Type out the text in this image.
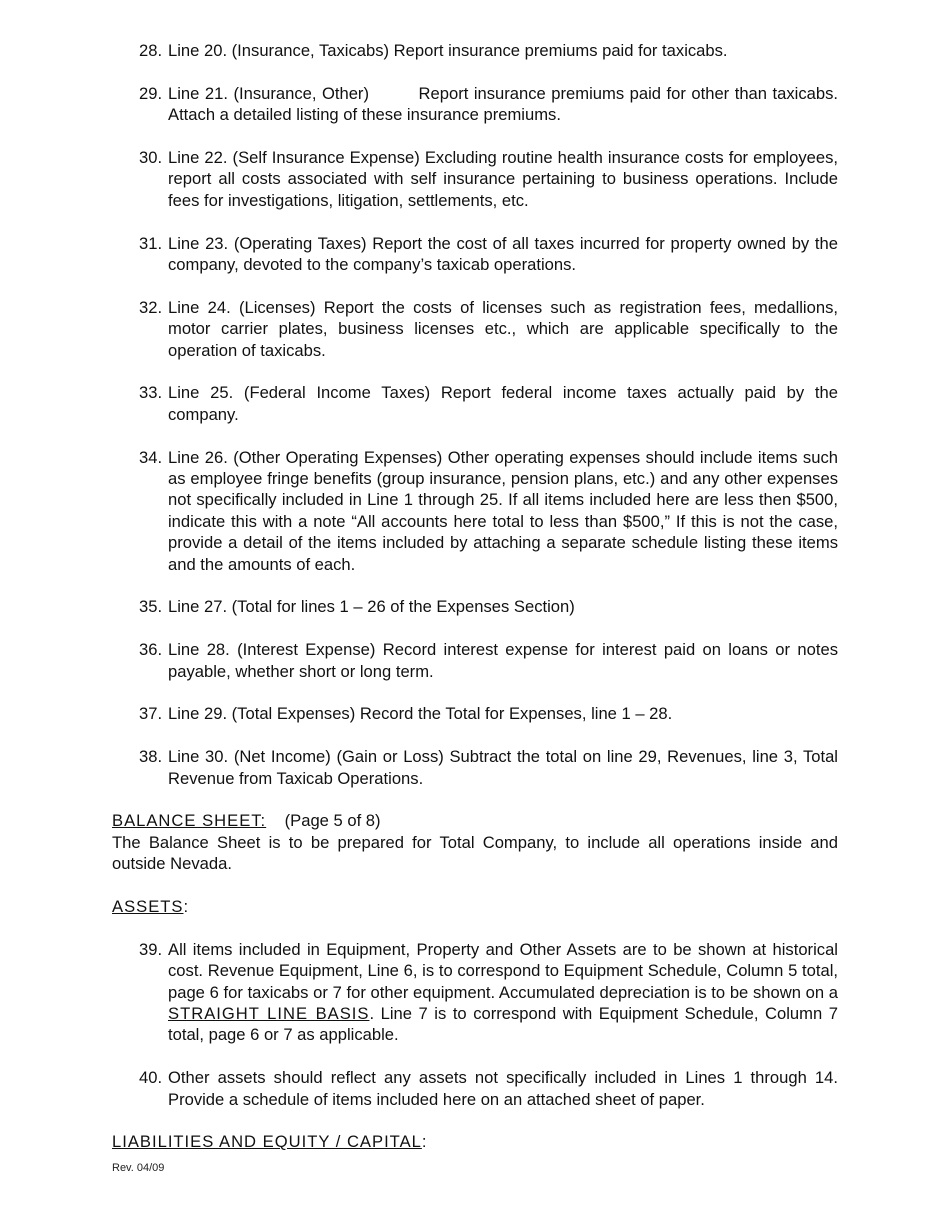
28. Line 20. (Insurance, Taxicabs) Report insurance premiums paid for taxicabs.
29. Line 21. (Insurance, Other)         Report insurance premiums paid for other than taxicabs. Attach a detailed listing of these insurance premiums.
30. Line 22. (Self Insurance Expense) Excluding routine health insurance costs for employees, report all costs associated with self insurance pertaining to business operations. Include fees for investigations, litigation, settlements, etc.
31. Line 23. (Operating Taxes) Report the cost of all taxes incurred for property owned by the company, devoted to the company’s taxicab operations.
32. Line 24. (Licenses) Report the costs of licenses such as registration fees, medallions, motor carrier plates, business licenses etc., which are applicable specifically to the operation of taxicabs.
33. Line 25. (Federal Income Taxes) Report federal income taxes actually paid by the company.
34. Line 26. (Other Operating Expenses) Other operating expenses should include items such as employee fringe benefits (group insurance, pension plans, etc.) and any other expenses not specifically included in Line 1 through 25. If all items included here are less then $500, indicate this with a note “All accounts here total to less than $500,” If this is not the case, provide a detail of the items included by attaching a separate schedule listing these items and the amounts of each.
35. Line 27. (Total for lines 1 – 26 of the Expenses Section)
36. Line 28. (Interest Expense) Record interest expense for interest paid on loans or notes payable, whether short or long term.
37. Line 29. (Total Expenses) Record the Total for Expenses, line 1 – 28.
38. Line 30. (Net Income) (Gain or Loss) Subtract the total on line 29, Revenues, line 3, Total Revenue from Taxicab Operations.

BALANCE SHEET: (Page 5 of 8)

The Balance Sheet is to be prepared for Total Company, to include all operations inside and outside Nevada.

ASSETS:

39. All items included in Equipment, Property and Other Assets are to be shown at historical cost. Revenue Equipment, Line 6, is to correspond to Equipment Schedule, Column 5 total, page 6 for taxicabs or 7 for other equipment. Accumulated depreciation is to be shown on a STRAIGHT LINE BASIS. Line 7 is to correspond with Equipment Schedule, Column 7 total, page 6 or 7 as applicable.
40. Other assets should reflect any assets not specifically included in Lines 1 through 14. Provide a schedule of items included here on an attached sheet of paper.

LIABILITIES AND EQUITY / CAPITAL:

Rev. 04/09
